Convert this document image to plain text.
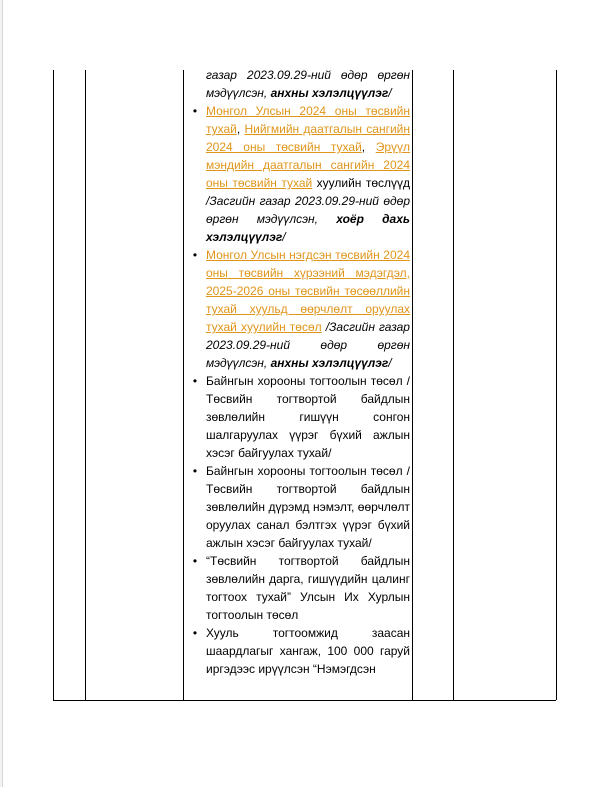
газар 2023.09.29-ний өдөр өргөн мэдүүлсэн, анхны хэлэлцүүлэг/

• Монгол Улсын 2024 оны төсвийн тухай, Нийгмийн даатгалын сангийн 2024 оны төсвийн тухай, Эрүүл мэндийн даатгалын сангийн 2024 оны төсвийн тухай хуулийн төслүүд /Засгийн газар 2023.09.29-ний өдөр өргөн мэдүүлсэн, хоёр дахь хэлэлцүүлэг/
• Монгол Улсын нэгдсэн төсвийн 2024 оны төсвийн хүрээний мэдэгдэл, 2025-2026 оны төсвийн төсөөллийн тухай хуульд өөрчлөлт оруулах тухай хуулийн төсөл /Засгийн газар 2023.09.29-ний өдөр өргөн мэдүүлсэн, анхны хэлэлцүүлэг/
• Байнгын хорооны тогтоолын төсөл /Төсвийн тогтвортой байдлын зөвлөлийн гишүүн сонгон шалгаруулах үүрэг бүхий ажлын хэсэг байгуулах тухай/
• Байнгын хорооны тогтоолын төсөл /Төсвийн тогтвортой байдлын зөвлөлийн дүрэмд нэмэлт, өөрчлөлт оруулах санал бэлтгэх үүрэг бүхий ажлын хэсэг байгуулах тухай/
• “Төсвийн тогтвортой байдлын зөвлөлийн дарга, гишүүдийн цалинг тогтоох тухай” Улсын Их Хурлын тогтоолын төсөл
• Хууль тогтоомжид заасан шаардлагыг хангаж, 100 000 гаруй иргэдээс ирүүлсэн “Нэмэгдсэн
